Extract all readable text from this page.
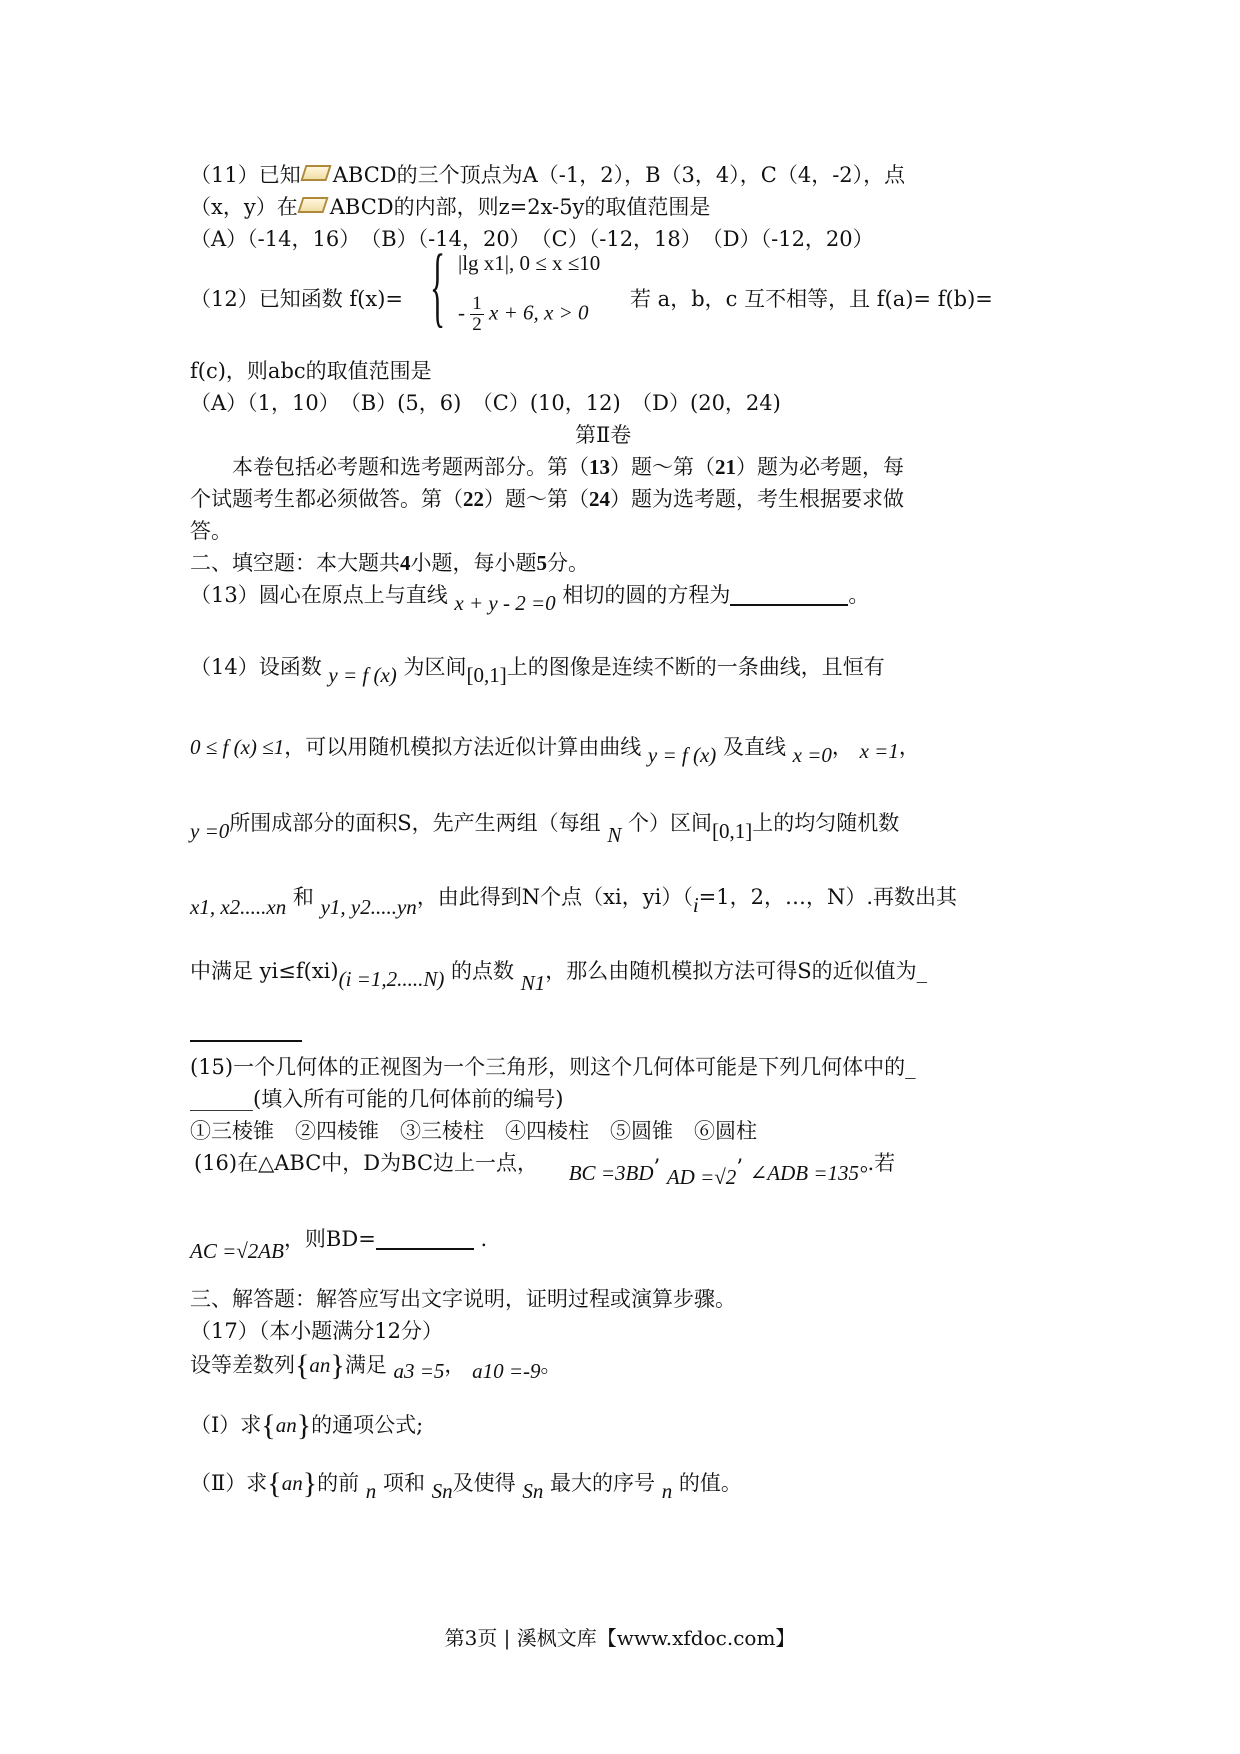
（11）已知 ABCD的三个顶点为A（-1，2），B（3，4），C（4，-2），点
（x，y）在 ABCD的内部，则z=2x-5y的取值范围是
（A）（-14，16）　（B）（-14，20）　（C）（-12，18）　（D）（-12，20）
（12）已知函数 f(x)= { |lg x1|, 0 ≤ x ≤10
- $\frac{1}{2}$ x + 6, x > 0
若 a，b，c 互不相等，且 f(a)= f(b)=
f(c)，则abc的取值范围是
（A）（1，10）　（B）(5，6)　（C）(10，12)　（D）(20，24)
第Ⅱ卷
本卷包括必考题和选考题两部分。第（13）题～第（21）题为必考题，每
个试题考生都必须做答。第（22）题～第（24）题为选考题，考生根据要求做
答。
二、填空题：本大题共4小题，每小题5分。
（13）圆心在原点上与直线 x + y - 2 =0 相切的圆的方程为	。
（14）设函数 y = f (x) 为区间[0,1]上的图像是连续不断的一条曲线，且恒有
0 ≤ f (x) ≤1，可以用随机模拟方法近似计算由曲线 y = f (x) 及直线 x =0， x =1，
y =0所围成部分的面积S，先产生两组（每组 N 个）区间[0,1]上的均匀随机数
x1, x2.....xn 和 y1, y2.....yn，由此得到N个点（xi，yi）（i=1，2，…，N）.再数出其
中满足 yi≤f(xi)(i =1,2.....N) 的点数 N1，那么由随机模拟方法可得S的近似值为_
(15)一个几何体的正视图为一个三角形，则这个几何体可能是下列几何体中的_
______(填入所有可能的几何体前的编号)
①三棱锥　②四棱锥　③三棱柱　④四棱柱　⑤圆锥　⑥圆柱
(16)在△ABC中，D为BC边上一点， BC =3BD’ AD =√2’ ∠ADB =135°.若
AC =√2AB，则BD=	.
三、解答题：解答应写出文字说明，证明过程或演算步骤。
（17）（本小题满分12分）
设等差数列{an}满足 a3 =5， a10 =-9。
（Ⅰ）求{an}的通项公式;
（Ⅱ）求{an}的前 n 项和 Sn及使得 Sn 最大的序号 n 的值。
第3页 | 溪枫文库【www.xfdoc.com】
